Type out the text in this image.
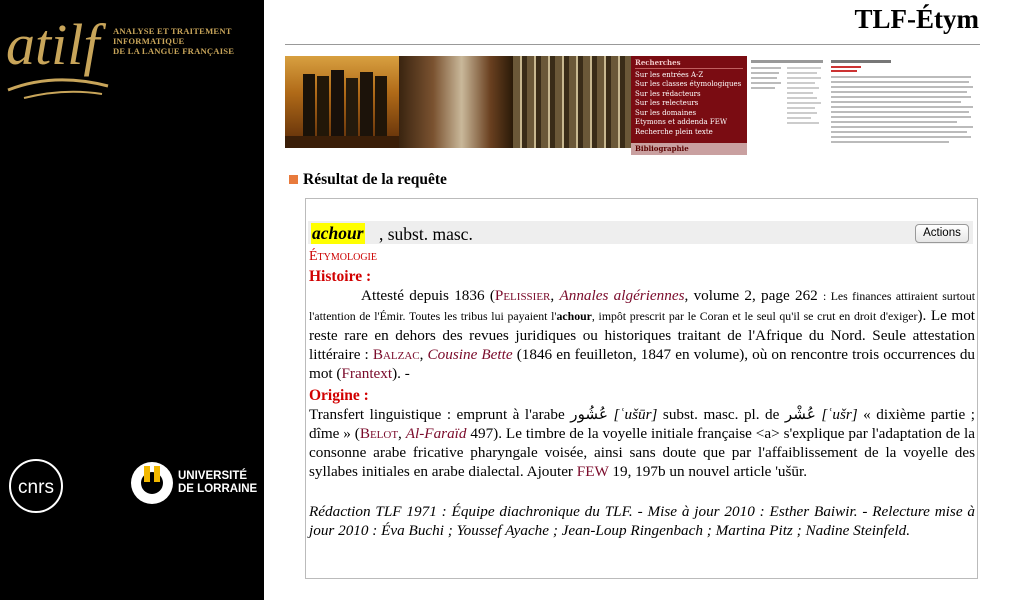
atilf	ANALYSE ET TRAITEMENT
INFORMATIQUE
DE LA LANGUE FRANÇAISE
cnrs
UNIVERSITÉ
DE LORRAINE
TLF-Étym
Recherches
Sur les entrées A-Z
Sur les classes étymologiques
Sur les rédacteurs
Sur les relecteurs
Sur les domaines
Etymons et addenda FEW
Recherche plein texte
Bibliographie
Résultat de la requête
achour , subst. masc.	Actions
Étymologie
Histoire :

Attesté depuis 1836 (Pelissier, Annales algériennes, volume 2, page 262 : Les finances attiraient surtout l'attention de l'Émir. Toutes les tribus lui payaient l'achour, impôt prescrit par le Coran et le seul qu'il se crut en droit d'exiger). Le mot reste rare en dehors des revues juridiques ou historiques traitant de l'Afrique du Nord. Seule attestation littéraire : Balzac, Cousine Bette (1846 en feuilleton, 1847 en volume), où on rencontre trois occurrences du mot (Frantext). -

Origine :

Transfert linguistique : emprunt à l'arabe عُشُور [ʿušūr] subst. masc. pl. de عُشْر [ʿušr] « dixième partie ; dîme » (Belot, Al-Faraïd 497). Le timbre de la voyelle initiale française <a> s'explique par l'adaptation de la consonne arabe fricative pharyngale voisée, ainsi sans doute que par l'affaiblissement de la voyelle des syllabes initiales en arabe dialectal. Ajouter FEW 19, 197b un nouvel article 'ušūr.

Rédaction TLF 1971 : Équipe diachronique du TLF. - Mise à jour 2010 : Esther Baiwir. - Relecture mise à jour 2010 : Éva Buchi ; Youssef Ayache ; Jean-Loup Ringenbach ; Martina Pitz ; Nadine Steinfeld.
